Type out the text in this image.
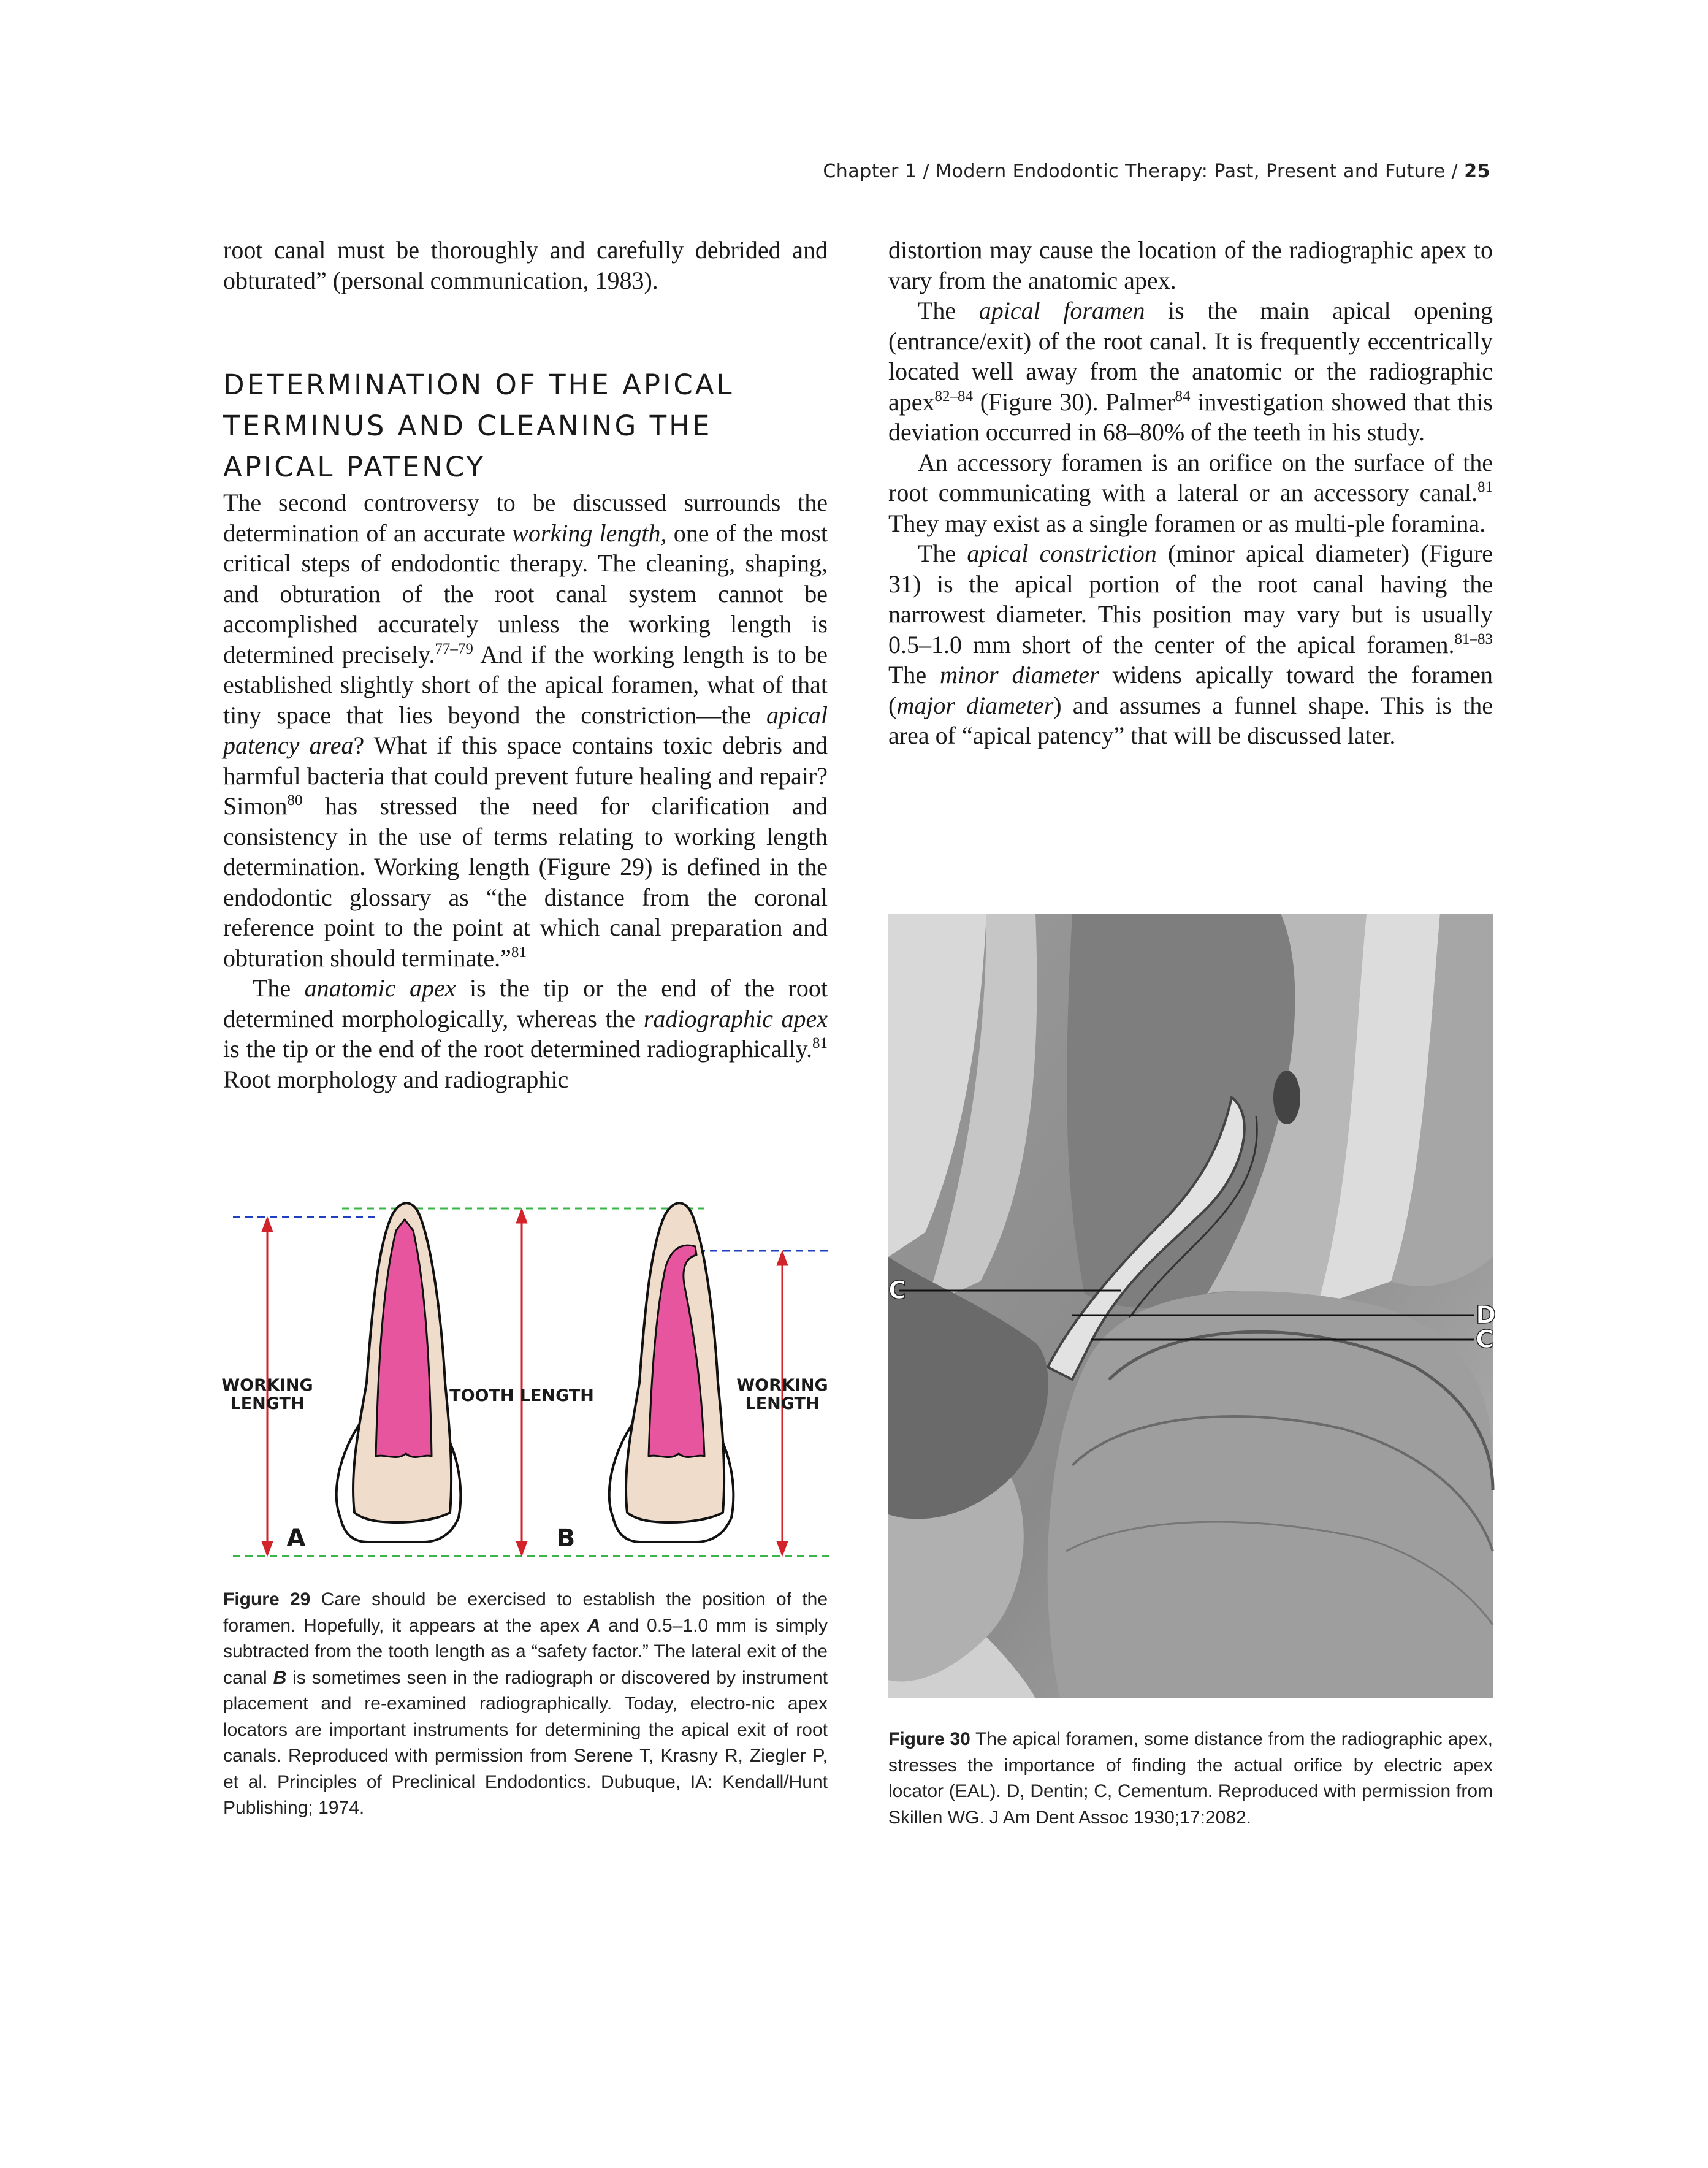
Chapter 1 / Modern Endodontic Therapy: Past, Present and Future / 25

root canal must be thoroughly and carefully debrided and obturated” (personal communication, 1983).

DETERMINATION OF THE APICAL
TERMINUS AND CLEANING THE
APICAL PATENCY

The second controversy to be discussed surrounds the determination of an accurate working length, one of the most critical steps of endodontic therapy. The cleaning, shaping, and obturation of the root canal system cannot be accomplished accurately unless the working length is determined precisely.$^{77-79}$ And if the working length is to be established slightly short of the apical foramen, what of that tiny space that lies beyond the constriction—the apical patency area? What if this space contains toxic debris and harmful bacteria that could prevent future healing and repair? Simon$^{80}$ has stressed the need for clarification and consistency in the use of terms relating to working length determination. Working length (Figure 29) is defined in the endodontic glossary as “the distance from the coronal reference point to the point at which canal preparation and obturation should terminate.”$^{81}$

The anatomic apex is the tip or the end of the root determined morphologically, whereas the radiographic apex is the tip or the end of the root determined radiographically.$^{81}$ Root morphology and radiographic

distortion may cause the location of the radiographic apex to vary from the anatomic apex.

The apical foramen is the main apical opening (entrance/exit) of the root canal. It is frequently eccentrically located well away from the anatomic or the radiographic apex$^{82-84}$ (Figure 30). Palmer$^{84}$ investigation showed that this deviation occurred in 68–80% of the teeth in his study.

An accessory foramen is an orifice on the surface of the root communicating with a lateral or an accessory canal.$^{81}$ They may exist as a single foramen or as multi-ple foramina.

The apical constriction (minor apical diameter) (Figure 31) is the apical portion of the root canal having the narrowest diameter. This position may vary but is usually 0.5–1.0 mm short of the center of the apical foramen.$^{81-83}$ The minor diameter widens apically toward the foramen (major diameter) and assumes a funnel shape. This is the area of “apical patency” that will be discussed later.

WORKING
LENGTH	TOOTH LENGTH
WORKING
LENGTH
A	B
Figure 29 Care should be exercised to establish the position of the foramen. Hopefully, it appears at the apex A and 0.5–1.0 mm is simply subtracted from the tooth length as a “safety factor.” The lateral exit of the canal B is sometimes seen in the radiograph or discovered by instrument placement and re-examined radiographically. Today, electro-nic apex locators are important instruments for determining the apical exit of root canals. Reproduced with permission from Serene T, Krasny R, Ziegler P, et al. Principles of Preclinical Endodontics. Dubuque, IA: Kendall/Hunt Publishing; 1974.
C
D
C
Figure 30 The apical foramen, some distance from the radiographic apex, stresses the importance of finding the actual orifice by electric apex locator (EAL). D, Dentin; C, Cementum. Reproduced with permission from Skillen WG. J Am Dent Assoc 1930;17:2082.
